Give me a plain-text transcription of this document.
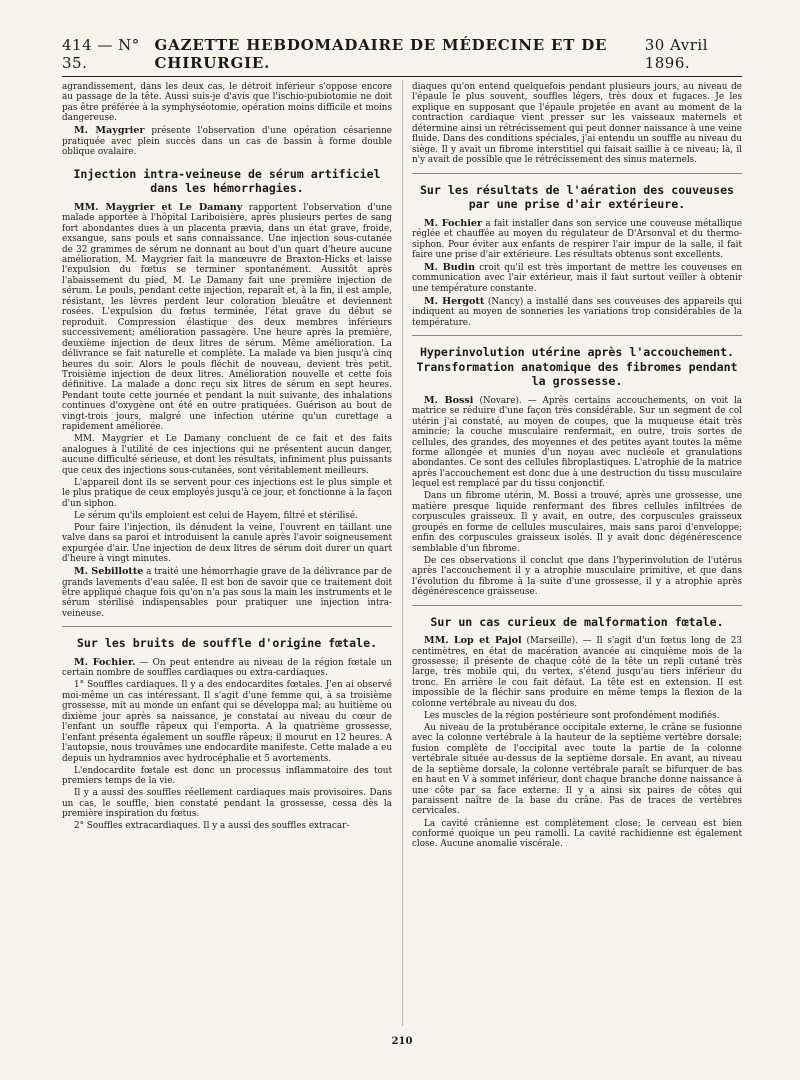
414 — N° 35.
GAZETTE HEBDOMADAIRE DE MÉDECINE ET DE CHIRURGIE.
30 Avril 1896.

agrandissement, dans les deux cas, le détroit inférieur s'oppose encore au passage de la tête. Aussi suis-je d'avis que l'ischio-pubiotomie ne doit pas être préférée à la symphyséotomie, opération moins difficile et moins dangereuse.

M. Maygrier présente l'observation d'une opération césarienne pratiquée avec plein succès dans un cas de bassin à forme double oblique ovalaire.

Injection intra-veineuse de sérum artificiel dans les hémorrhagies.

MM. Maygrier et Le Damany rapportent l'observation d'une malade apportée à l'hôpital Lariboisière, après plusieurs pertes de sang fort abondantes dues à un placenta prævia, dans un état grave, froide, exsangue, sans pouls et sans connaissance. Une injection sous-cutanée de 32 grammes de sérum ne donnant au bout d'un quart d'heure aucune amélioration, M. Maygrier fait la manœuvre de Braxton-Hicks et laisse l'expulsion du fœtus se terminer spontanément. Aussitôt après l'abaissement du pied, M. Le Damany fait une première injection de sérum. Le pouls, pendant cette injection, reparaît et, à la fin, il est ample, résistant, les lèvres perdent leur coloration bleuâtre et deviennent rosées. L'expulsion du fœtus terminée, l'état grave du début se reproduit. Compression élastique des deux membres inférieurs successivement; amélioration passagère. Une heure après la première, deuxième injection de deux litres de sérum. Même amélioration. La délivrance se fait naturelle et complète. La malade va bien jusqu'à cinq heures du soir. Alors le pouls fléchit de nouveau, devient très petit. Troisième injection de deux litres. Amélioration nouvelle et cette fois définitive. La malade a donc reçu six litres de sérum en sept heures. Pendant toute cette journée et pendant la nuit suivante, des inhalations continues d'oxygène ont été en outre pratiquées. Guérison au bout de vingt-trois jours, malgré une infection utérine qu'un curettage a rapidement améliorée.

MM. Maygrier et Le Damany concluent de ce fait et des faits analogues à l'utilité de ces injections qui ne présentent aucun danger, aucune difficulté sérieuse, et dont les résultats, infiniment plus puissants que ceux des injections sous-cutanées, sont véritablement meilleurs.

L'appareil dont ils se servent pour ces injections est le plus simple et le plus pratique de ceux employés jusqu'à ce jour, et fonctionne à la façon d'un siphon.

Le sérum qu'ils emploient est celui de Hayem, filtré et stérilisé.

Pour faire l'injection, ils dénudent la veine, l'ouvrent en taillant une valve dans sa paroi et introduisent la canule après l'avoir soigneusement expurgée d'air. Une injection de deux litres de sérum doit durer un quart d'heure à vingt minutes.

M. Sebillotte a traité une hémorrhagie grave de la délivrance par de grands lavements d'eau salée. Il est bon de savoir que ce traitement doit être appliqué chaque fois qu'on n'a pas sous la main les instruments et le sérum stérilisé indispensables pour pratiquer une injection intra-veineuse.

Sur les bruits de souffle d'origine fœtale.

M. Fochier. — On peut entendre au niveau de la région fœtale un certain nombre de souffles cardiaques ou extra-cardiaques.

1° Souffles cardiaques. Il y a des endocardites fœtales. J'en ai observé moi-même un cas intéressant. Il s'agit d'une femme qui, à sa troisième grossesse, mit au monde un enfant qui se développa mal; au huitième ou dixième jour après sa naissance, je constatai au niveau du cœur de l'enfant un souffle râpeux qui l'emporta. A la quatrième grossesse, l'enfant présenta également un souffle râpeux; il mourut en 12 heures. A l'autopsie, nous trouvâmes une endocardite manifeste. Cette malade a eu depuis un hydramnios avec hydrocéphalie et 5 avortements.

L'endocardite fœtale est donc un processus inflammatoire des tout premiers temps de la vie.

Il y a aussi des souffles réellement cardiaques mais provisoires. Dans un cas, le souffle, bien constaté pendant la grossesse, cessa dès la première inspiration du fœtus.

2° Souffles extracardiaques. Il y a aussi des souffles extracar-

diaques qu'on entend quelquefois pendant plusieurs jours, au niveau de l'épaule le plus souvent, souffles légers, très doux et fugaces. Je les explique en supposant que l'épaule projetée en avant au moment de la contraction cardiaque vient presser sur les vaisseaux maternels et détermine ainsi un rétrécissement qui peut donner naissance à une veine fluide. Dans des conditions spéciales, j'ai entendu un souffle au niveau du siège. Il y avait un fibrome interstitiel qui faisait saillie à ce niveau; là, il n'y avait de possible que le rétrécissement des sinus maternels.

Sur les résultats de l'aération des couveuses par une prise d'air extérieure.

M. Fochier a fait installer dans son service une couveuse métallique réglée et chauffée au moyen du régulateur de D'Arsonval et du thermo-siphon. Pour éviter aux enfants de respirer l'air impur de la salle, il fait faire une prise d'air extérieure. Les résultats obtenus sont excellents.

M. Budin croit qu'il est très important de mettre les couveuses en communication avec l'air extérieur, mais il faut surtout veiller à obtenir une température constante.

M. Hergott (Nancy) a installé dans ses couveuses des appareils qui indiquent au moyen de sonneries les variations trop considérables de la température.

Hyperinvolution utérine après l'accouchement. Transformation anatomique des fibromes pendant la grossesse.

M. Bossi (Novare). — Après certains accouchements, on voit la matrice se réduire d'une façon très considérable. Sur un segment de col utérin j'ai constaté, au moyen de coupes, que la muqueuse était très amincie; la couche musculaire renfermait, en outre, trois sortes de cellules, des grandes, des moyennes et des petites ayant toutes la même forme allongée et munies d'un noyau avec nucléole et granulations abondantes. Ce sont des cellules fibroplastiques. L'atrophie de la matrice après l'accouchement est donc due à une destruction du tissu musculaire lequel est remplacé par du tissu conjonctif.

Dans un fibrome utérin, M. Bossi a trouvé, après une grossesse, une matière presque liquide renfermant des fibres cellules infiltrées de corpuscules graisseux. Il y avait, en outre, des corpuscules graisseux groupés en forme de cellules musculaires, mais sans paroi d'enveloppe; enfin des corpuscules graisseux isolés. Il y avait donc dégénérescence semblable d'un fibrome.

De ces observations il conclut que dans l'hyperinvolution de l'utérus après l'accouchement il y a atrophie musculaire primitive, et que dans l'évolution du fibrome à la suite d'une grossesse, il y a atrophie après dégénérescence graisseuse.

Sur un cas curieux de malformation fœtale.

MM. Lop et Pajol (Marseille). — Il s'agit d'un fœtus long de 23 centimètres, en état de macération avancée au cinquième mois de la grossesse; il présente de chaque côté de la tête un repli cutané très large, très mobile qui, du vertex, s'étend jusqu'au tiers inférieur du tronc. En arrière le cou fait défaut. La tête est en extension. Il est impossible de la fléchir sans produire en même temps la flexion de la colonne vertébrale au niveau du dos.

Les muscles de la région postérieure sont profondément modifiés.

Au niveau de la protubérance occipitale externe, le crâne se fusionne avec la colonne vertébrale à la hauteur de la septième vertèbre dorsale; fusion complète de l'occipital avec toute la partie de la colonne vertébrale située au-dessus de la septième dorsale. En avant, au niveau de la septième dorsale, la colonne vertébrale paraît se bifurquer de bas en haut en V à sommet inférieur, dont chaque branche donne naissance à une côte par sa face externe. Il y a ainsi six paires de côtes qui paraissent naître de la base du crâne. Pas de traces de vertèbres cervicales.

La cavité crânienne est complètement close; le cerveau est bien conformé quoique un peu ramolli. La cavité rachidienne est également close. Aucune anomalie viscérale.

210
